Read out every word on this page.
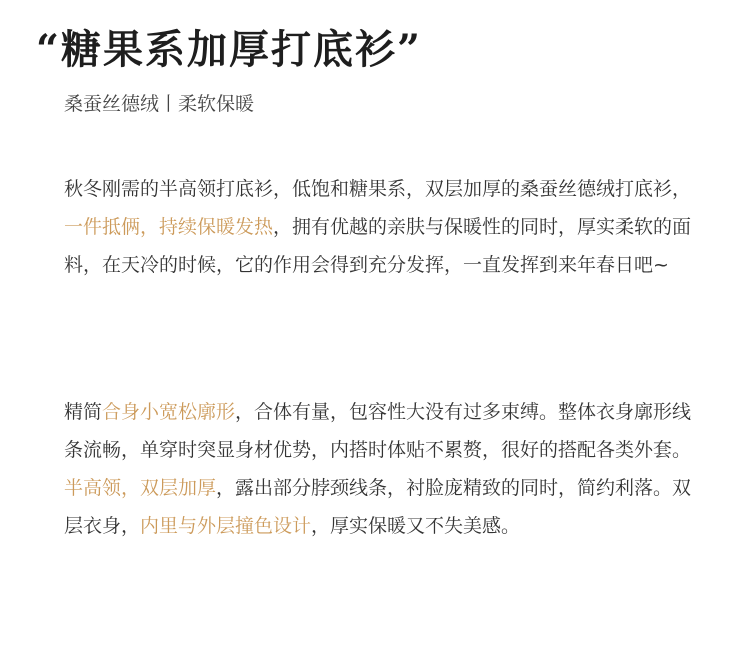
“糖果系加厚打底衫”
桑蚕丝德绒丨柔软保暖

秋冬刚需的半高领打底衫，低饱和糖果系，双层加厚的桑蚕丝德绒打底衫，一件抵俩，持续保暖发热，拥有优越的亲肤与保暖性的同时，厚实柔软的面料，在天冷的时候，它的作用会得到充分发挥，一直发挥到来年春日吧~

精简合身小宽松廓形，合体有量，包容性大没有过多束缚。整体衣身廓形线条流畅，单穿时突显身材优势，内搭时体贴不累赘，很好的搭配各类外套。半高领，双层加厚，露出部分脖颈线条，衬脸庞精致的同时，简约利落。双层衣身，内里与外层撞色设计，厚实保暖又不失美感。
